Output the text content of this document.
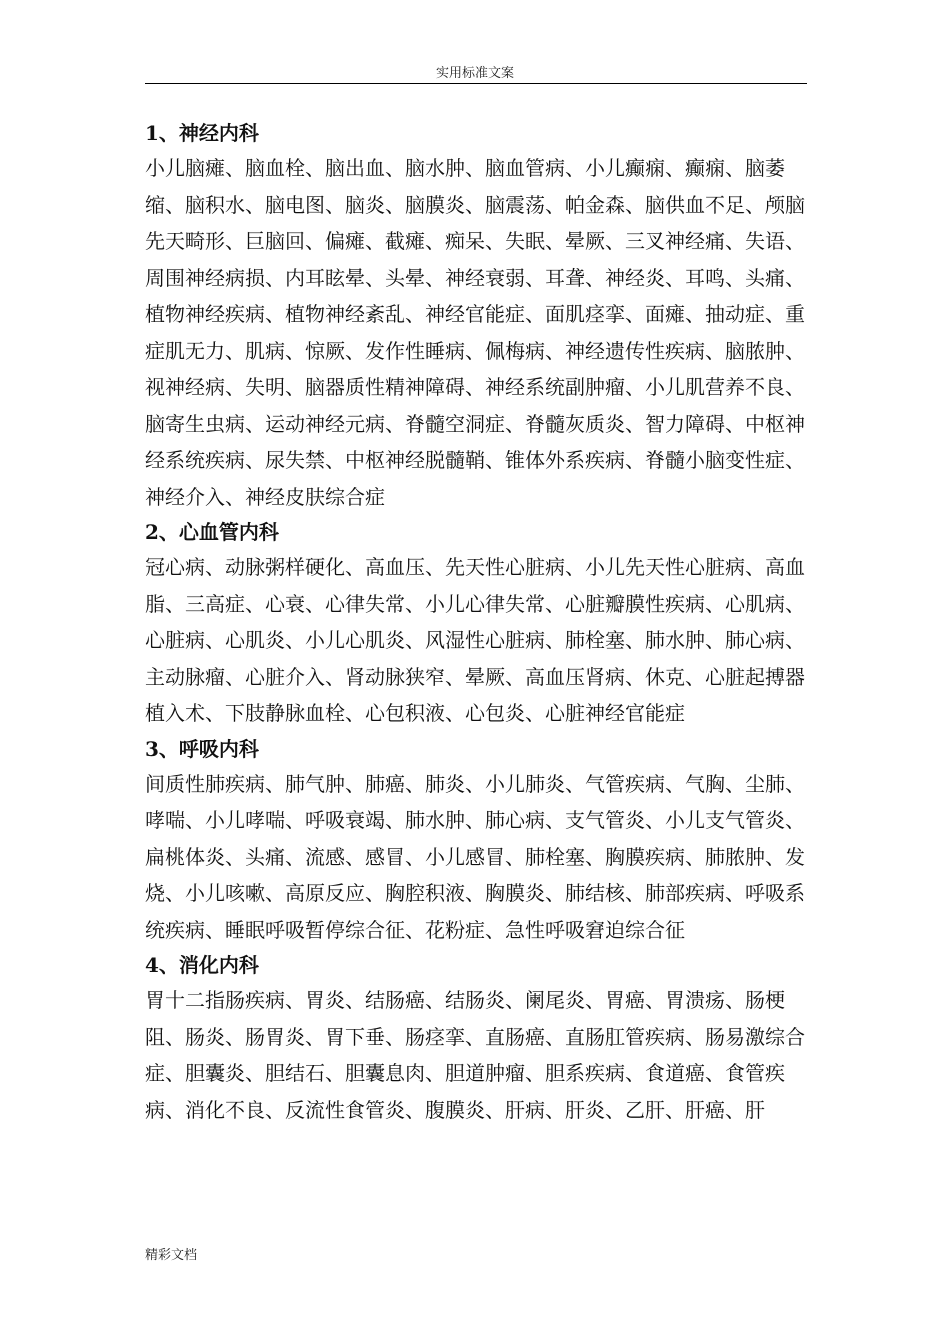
实用标准文案
1、神经内科

小儿脑瘫、脑血栓、脑出血、脑水肿、脑血管病、小儿癫痫、癫痫、脑萎缩、脑积水、脑电图、脑炎、脑膜炎、脑震荡、帕金森、脑供血不足、颅脑先天畸形、巨脑回、偏瘫、截瘫、痴呆、失眠、晕厥、三叉神经痛、失语、周围神经病损、内耳眩晕、头晕、神经衰弱、耳聋、神经炎、耳鸣、头痛、植物神经疾病、植物神经紊乱、神经官能症、面肌痉挛、面瘫、抽动症、重症肌无力、肌病、惊厥、发作性睡病、佩梅病、神经遗传性疾病、脑脓肿、视神经病、失明、脑器质性精神障碍、神经系统副肿瘤、小儿肌营养不良、脑寄生虫病、运动神经元病、脊髓空洞症、脊髓灰质炎、智力障碍、中枢神经系统疾病、尿失禁、中枢神经脱髓鞘、锥体外系疾病、脊髓小脑变性症、神经介入、神经皮肤综合症

2、心血管内科

冠心病、动脉粥样硬化、高血压、先天性心脏病、小儿先天性心脏病、高血脂、三高症、心衰、心律失常、小儿心律失常、心脏瓣膜性疾病、心肌病、心脏病、心肌炎、小儿心肌炎、风湿性心脏病、肺栓塞、肺水肿、肺心病、主动脉瘤、心脏介入、肾动脉狭窄、晕厥、高血压肾病、休克、心脏起搏器植入术、下肢静脉血栓、心包积液、心包炎、心脏神经官能症

3、呼吸内科

间质性肺疾病、肺气肿、肺癌、肺炎、小儿肺炎、气管疾病、气胸、尘肺、哮喘、小儿哮喘、呼吸衰竭、肺水肿、肺心病、支气管炎、小儿支气管炎、扁桃体炎、头痛、流感、感冒、小儿感冒、肺栓塞、胸膜疾病、肺脓肿、发烧、小儿咳嗽、高原反应、胸腔积液、胸膜炎、肺结核、肺部疾病、呼吸系统疾病、睡眠呼吸暂停综合征、花粉症、急性呼吸窘迫综合征

4、消化内科

胃十二指肠疾病、胃炎、结肠癌、结肠炎、阑尾炎、胃癌、胃溃疡、肠梗阻、肠炎、肠胃炎、胃下垂、肠痉挛、直肠癌、直肠肛管疾病、肠易激综合症、胆囊炎、胆结石、胆囊息肉、胆道肿瘤、胆系疾病、食道癌、食管疾病、消化不良、反流性食管炎、腹膜炎、肝病、肝炎、乙肝、肝癌、肝

精彩文档
